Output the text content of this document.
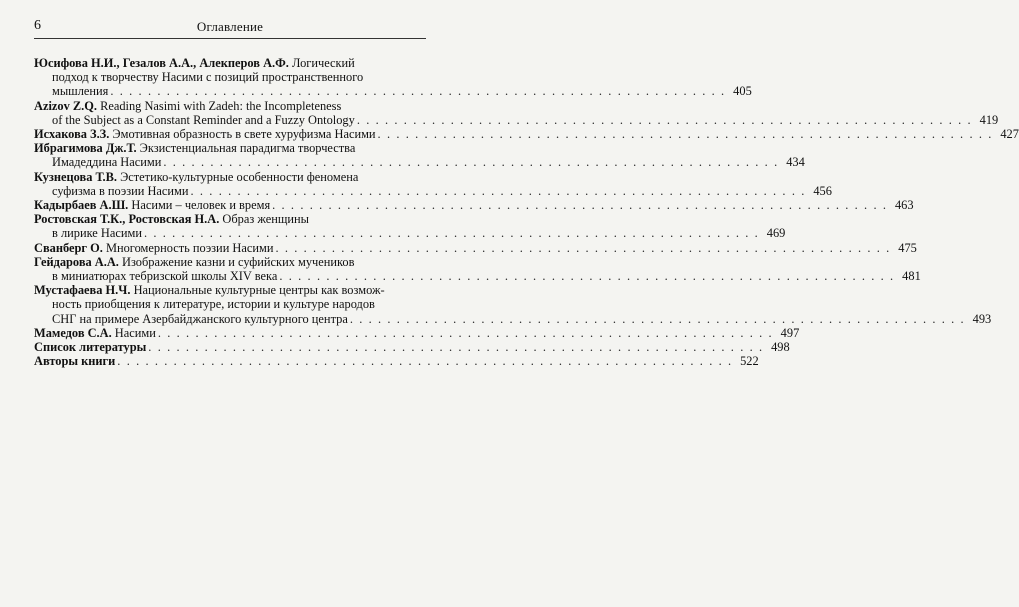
6	Оглавление
Юсифова Н.И., Гезалов А.А., Алекперов А.Ф. Логический
подход к творчеству Насими с позиций пространственного
мышления . . . . . . . . . . . . . . . . . . . . . . . . . . . . . . . . . . . . . . . . . . . . . . . . . . . . . . . . . . . . . . . . . . 405
Azizov Z.Q. Reading Nasimi with Zadeh: the Incompleteness
of the Subject as a Constant Reminder and a Fuzzy Ontology . . . . . . . . . . . . . . . . . . . . . . . . . . . . . . . . . . . . . . . . . . . . . . . . . . . . . . . . . . . . . . . . . . 419
Исхакова З.З. Эмотивная образность в свете хуруфизма Насими . . . . . . . . . . . . . . . . . . . . . . . . . . . . . . . . . . . . . . . . . . . . . . . . . . . . . . . . . . . . . . . . . . 427
Ибрагимова Дж.Т. Экзистенциальная парадигма творчества
Имадеддина Насими . . . . . . . . . . . . . . . . . . . . . . . . . . . . . . . . . . . . . . . . . . . . . . . . . . . . . . . . . . . . . . . . . . 434
Кузнецова Т.В. Эстетико-культурные особенности феномена
суфизма в поэзии Насими . . . . . . . . . . . . . . . . . . . . . . . . . . . . . . . . . . . . . . . . . . . . . . . . . . . . . . . . . . . . . . . . . . 456
Кадырбаев А.Ш. Насими – человек и время . . . . . . . . . . . . . . . . . . . . . . . . . . . . . . . . . . . . . . . . . . . . . . . . . . . . . . . . . . . . . . . . . . 463
Ростовская Т.К., Ростовская Н.А. Образ женщины
в лирике Насими . . . . . . . . . . . . . . . . . . . . . . . . . . . . . . . . . . . . . . . . . . . . . . . . . . . . . . . . . . . . . . . . . . 469
Сванберг О. Многомерность поэзии Насими . . . . . . . . . . . . . . . . . . . . . . . . . . . . . . . . . . . . . . . . . . . . . . . . . . . . . . . . . . . . . . . . . . 475
Гейдарова А.А. Изображение казни и суфийских мучеников
в миниатюрах тебризской школы XIV века . . . . . . . . . . . . . . . . . . . . . . . . . . . . . . . . . . . . . . . . . . . . . . . . . . . . . . . . . . . . . . . . . . 481
Мустафаева Н.Ч. Национальные культурные центры как возмож-
ность приобщения к литературе, истории и культуре народов
СНГ на примере Азербайджанского культурного центра . . . . . . . . . . . . . . . . . . . . . . . . . . . . . . . . . . . . . . . . . . . . . . . . . . . . . . . . . . . . . . . . . . 493
Мамедов С.А. Насими . . . . . . . . . . . . . . . . . . . . . . . . . . . . . . . . . . . . . . . . . . . . . . . . . . . . . . . . . . . . . . . . . . 497
Список литературы . . . . . . . . . . . . . . . . . . . . . . . . . . . . . . . . . . . . . . . . . . . . . . . . . . . . . . . . . . . . . . . . . . 498
Авторы книги . . . . . . . . . . . . . . . . . . . . . . . . . . . . . . . . . . . . . . . . . . . . . . . . . . . . . . . . . . . . . . . . . . 522
